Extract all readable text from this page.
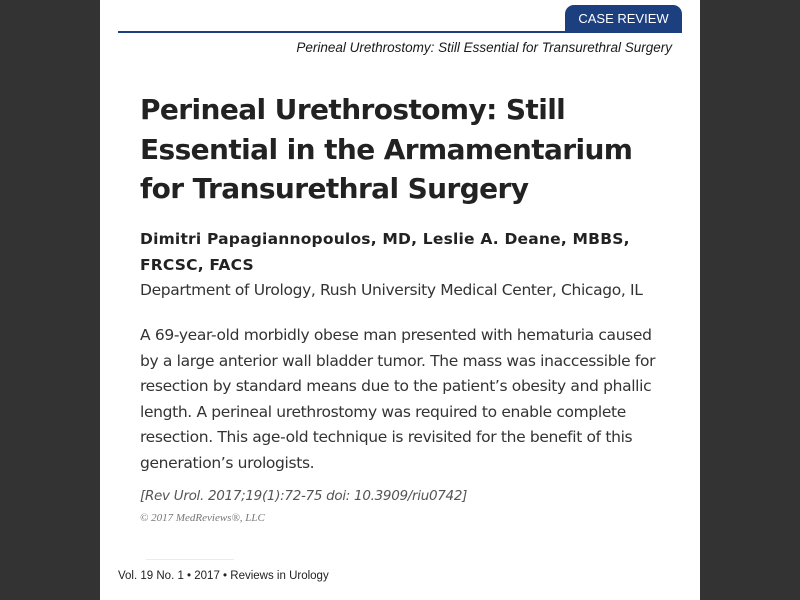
CASE REVIEW
Perineal Urethrostomy: Still Essential for Transurethral Surgery
Perineal Urethrostomy: Still Essential in the Armamentarium for Transurethral Surgery
Dimitri Papagiannopoulos, MD, Leslie A. Deane, MBBS, FRCSC, FACS
Department of Urology, Rush University Medical Center, Chicago, IL

A 69-year-old morbidly obese man presented with hematuria caused by a large anterior wall bladder tumor. The mass was inaccessible for resection by standard means due to the patient’s obesity and phallic length. A perineal urethrostomy was required to enable complete resection. This age-old technique is revisited for the benefit of this generation’s urologists.

[Rev Urol. 2017;19(1):72-75 doi: 10.3909/riu0742]
© 2017 MedReviews®, LLC
Vol. 19 No. 1 • 2017 • Reviews in Urology
